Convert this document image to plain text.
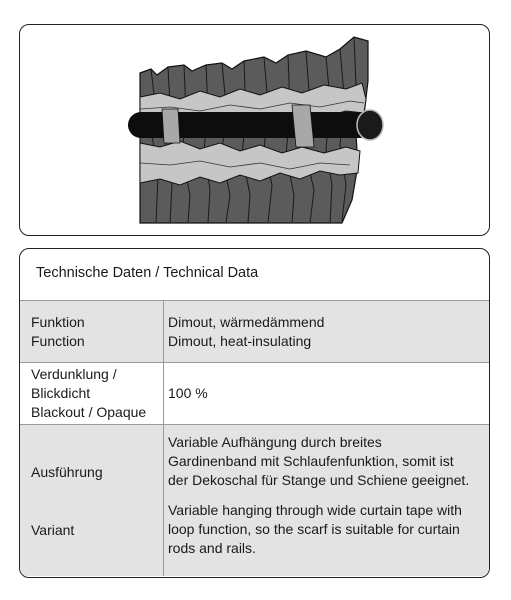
Technische Daten / Technical Data
Funktion
Function
Dimout, wärmedämmend
Dimout, heat-insulating
Verdunklung /
Blickdicht
Blackout / Opaque
100 %
Ausführung
Variant
Variable Aufhängung durch breites
Gardinenband mit Schlaufenfunktion, somit ist
der Dekoschal für Stange und Schiene geeignet.
Variable hanging through wide curtain tape with
loop function, so the scarf is suitable for curtain
rods and rails.
